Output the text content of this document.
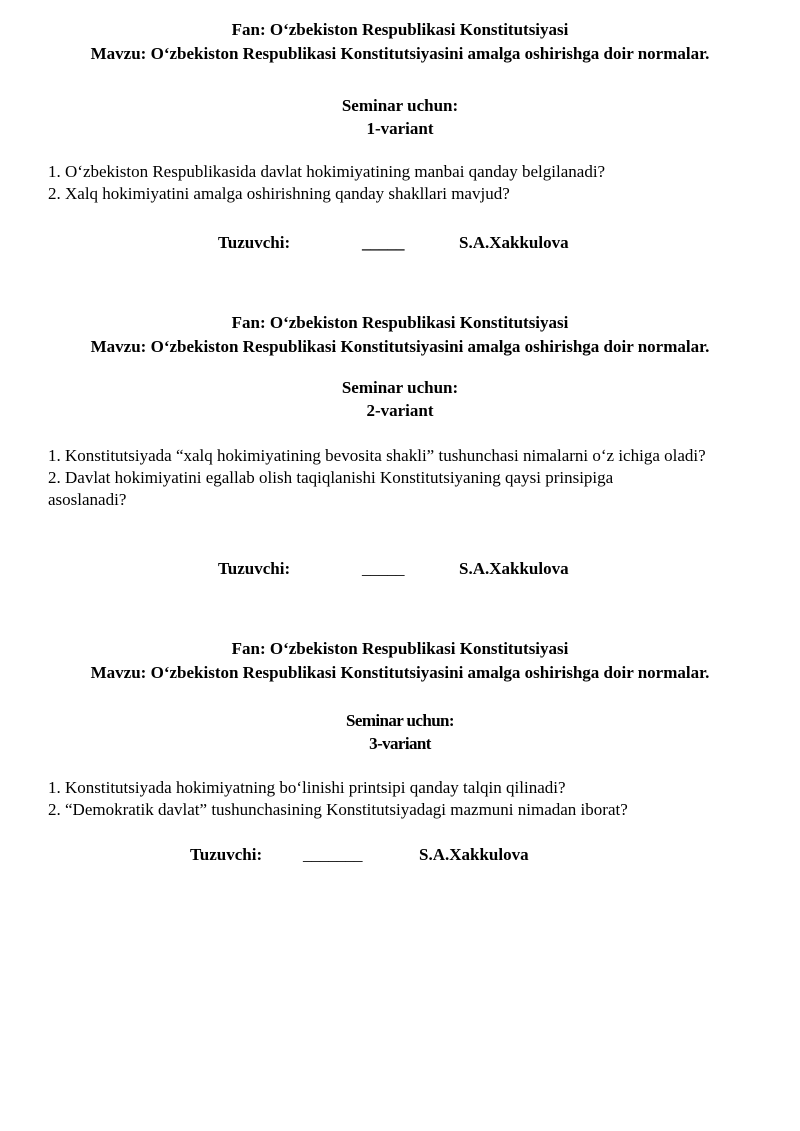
Fan: O‘zbekiston Respublikasi Konstitutsiyasi

Mavzu: O‘zbekiston Respublikasi Konstitutsiyasini amalga oshirishga doir normalar.

Seminar uchun:

1-variant

1. O‘zbekiston Respublikasida davlat hokimiyatining manbai qanday belgilanadi?

2. Xalq hokimiyatini amalga oshirishning qanday shakllari mavjud?

Tuzuvchi:	_____	S.A.Xakkulova

Fan: O‘zbekiston Respublikasi Konstitutsiyasi

Mavzu: O‘zbekiston Respublikasi Konstitutsiyasini amalga oshirishga doir normalar.

Seminar uchun:

2-variant

1. Konstitutsiyada “xalq hokimiyatining bevosita shakli” tushunchasi nimalarni o‘z ichiga oladi?

2. Davlat hokimiyatini egallab olish taqiqlanishi Konstitutsiyaning qaysi prinsipiga asoslanadi?

Tuzuvchi:	_____	S.A.Xakkulova

Fan: O‘zbekiston Respublikasi Konstitutsiyasi

Mavzu: O‘zbekiston Respublikasi Konstitutsiyasini amalga oshirishga doir normalar.

Seminar uchun:

3-variant

1. Konstitutsiyada hokimiyatning bo‘linishi printsipi qanday talqin qilinadi?

2. “Demokratik davlat” tushunchasining Konstitutsiyadagi mazmuni nimadan iborat?

Tuzuvchi: _______	S.A.Xakkulova
